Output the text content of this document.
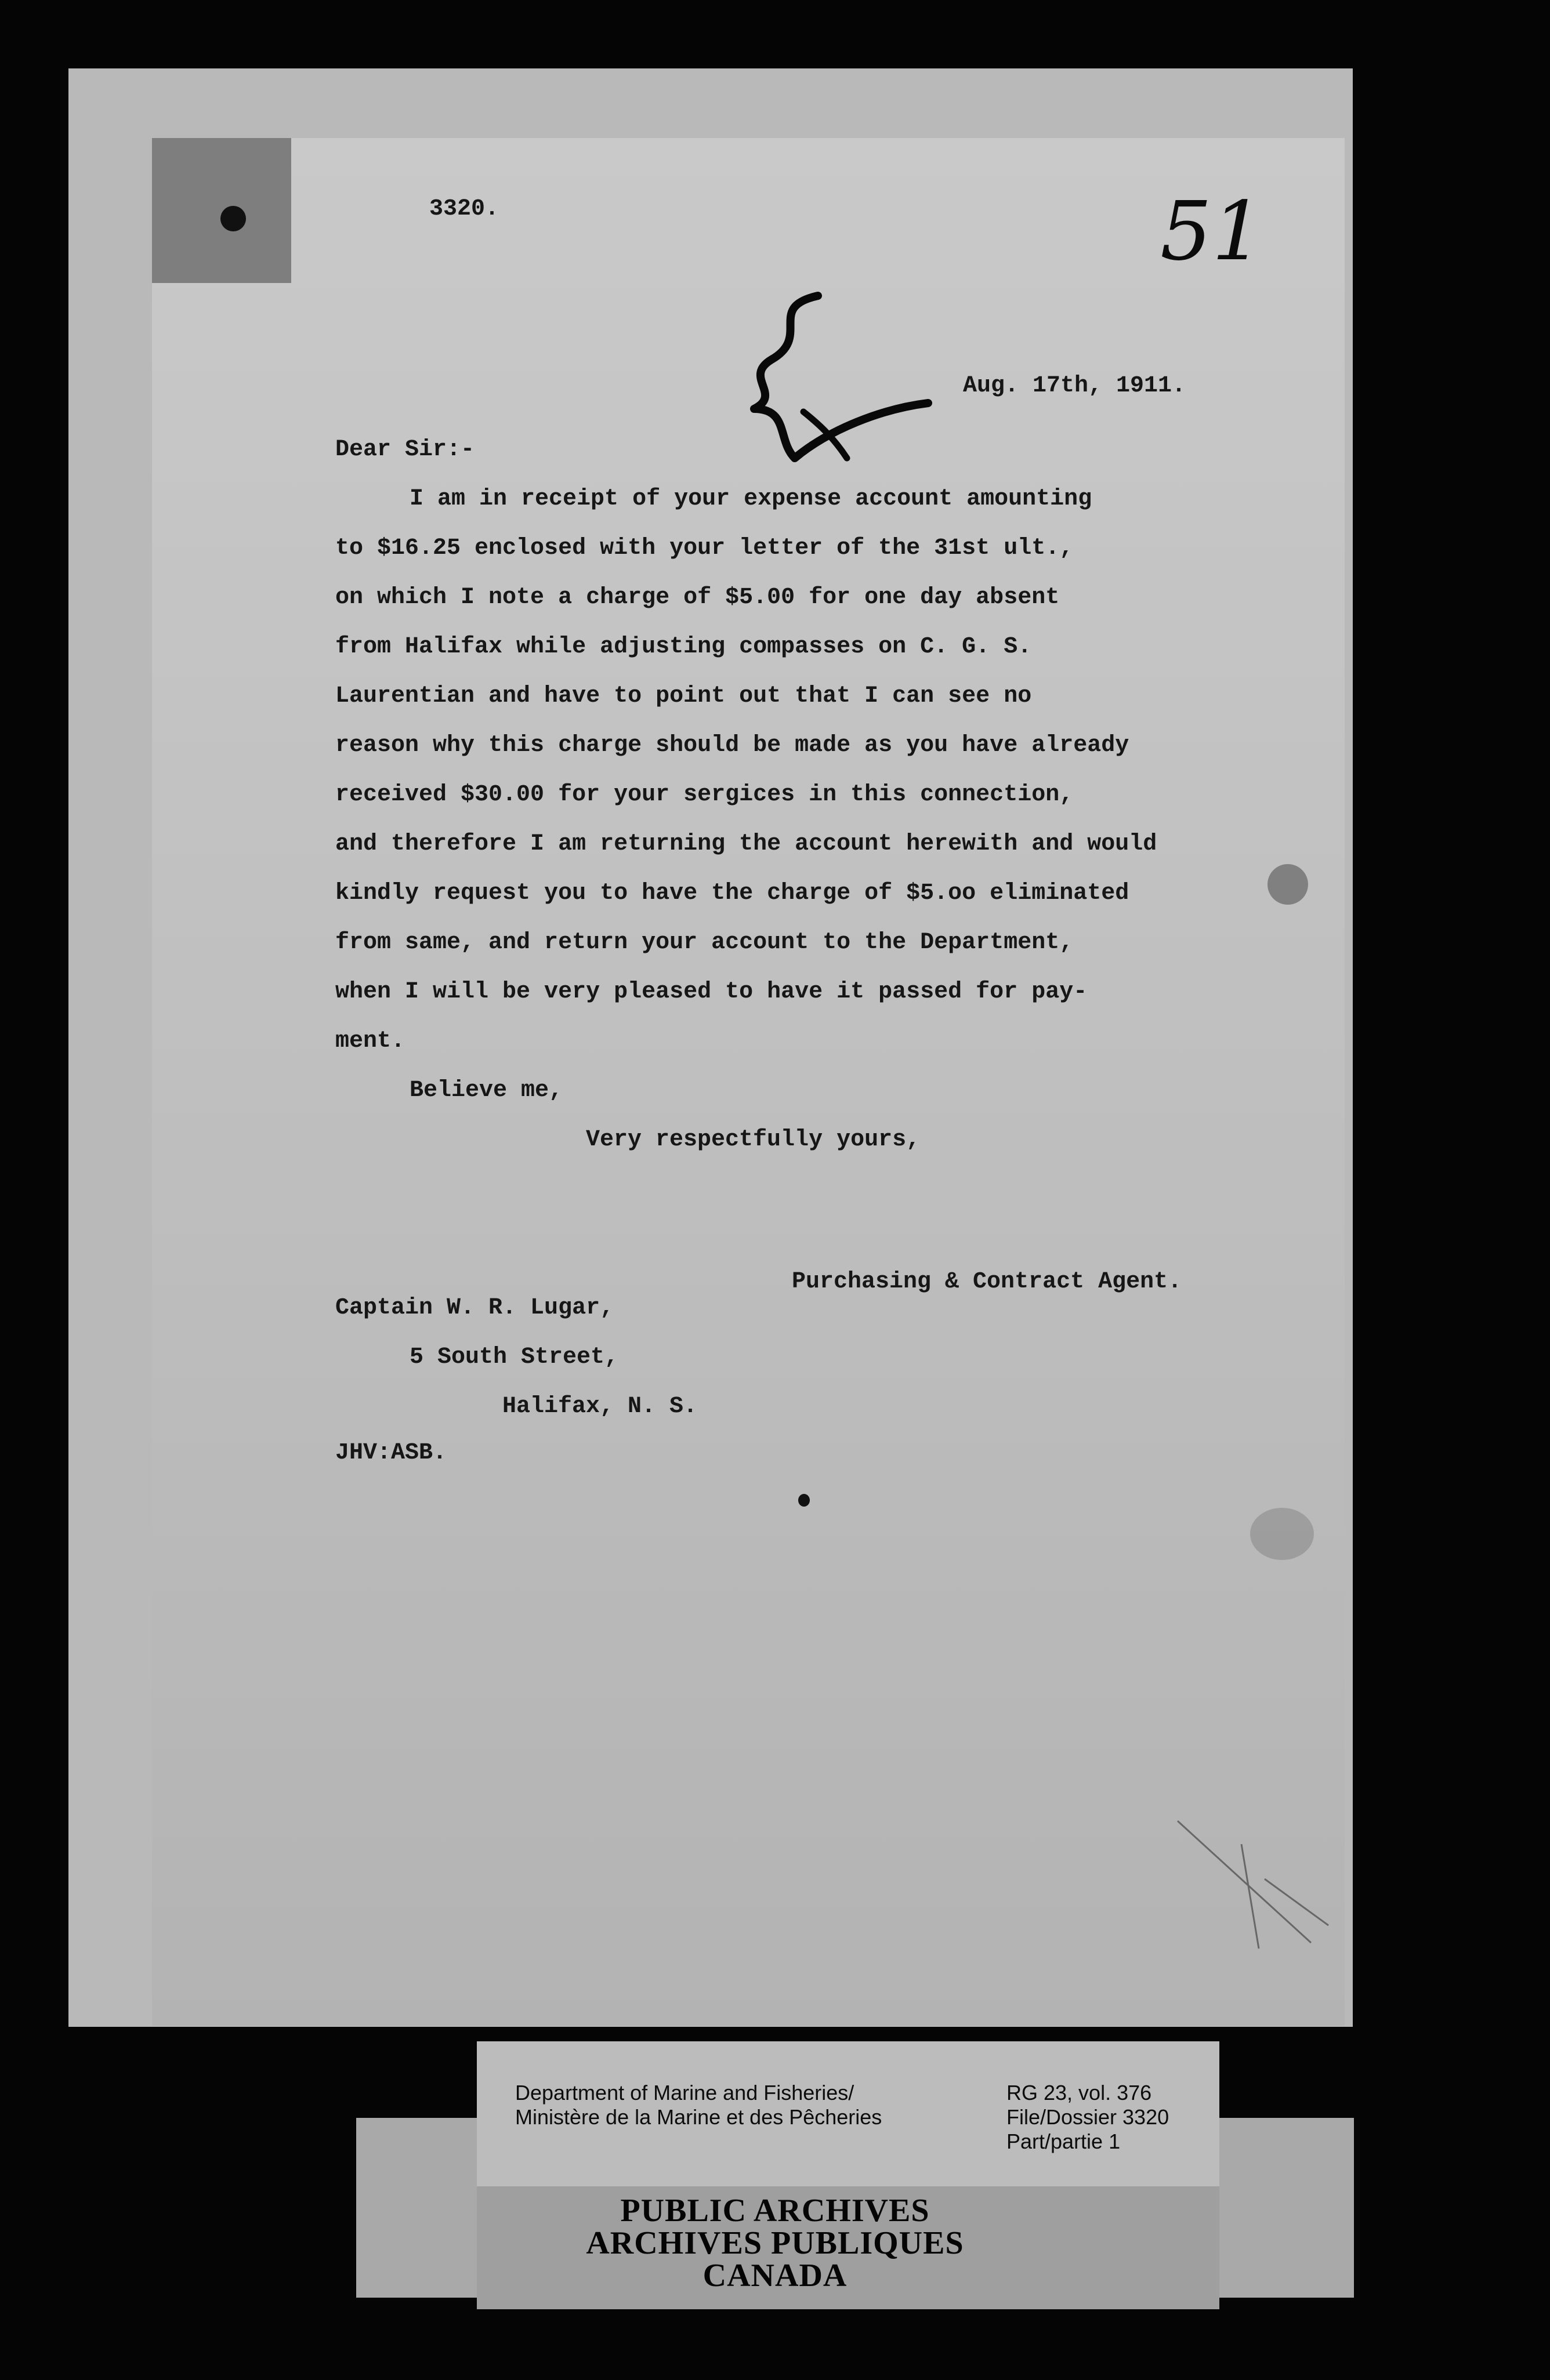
3320.	51
Aug. 17th, 1911.
Dear Sir:-
I am in receipt of your expense account amounting
to $16.25 enclosed with your letter of the 31st ult.,
on which I note a charge of $5.00 for one day absent
from Halifax while adjusting compasses on C. G. S.
Laurentian and have to point out that I can see no
reason why this charge should be made as you have already
received $30.00 for your sergices in this connection,
and therefore I am returning the account herewith and would
kindly request you to have the charge of $5.oo eliminated
from same, and return your account to the Department,
when I will be very pleased to have it passed for pay-
ment.
Believe me,
Very respectfully yours,
Purchasing & Contract Agent.
Captain W. R. Lugar,
5 South Street,
Halifax, N. S.
JHV:ASB.
Department of Marine and Fisheries/
Ministère de la Marine et des Pêcheries
RG 23, vol. 376
File/Dossier 3320
Part/partie 1
PUBLIC ARCHIVES
ARCHIVES PUBLIQUES
CANADA
